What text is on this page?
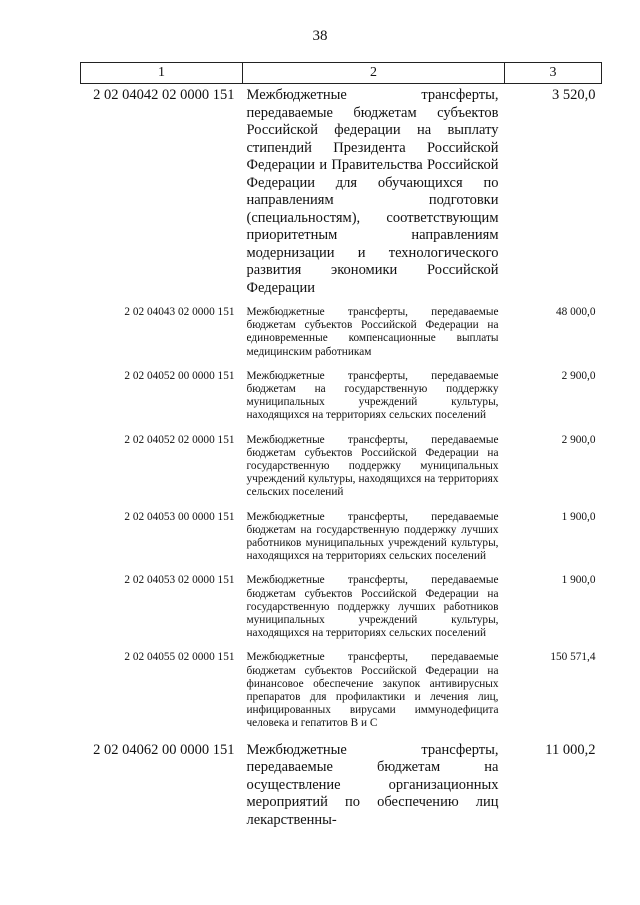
38
1	2	3
2 02 04042 02 0000 151	Межбюджетные трансферты, передаваемые бюджетам субъектов Российской федерации на выплату стипендий Президента Российской Федерации и Правительства Российской Федерации для обучающихся по направлениям подготовки (специальностям), соответствующим приоритетным направлениям модернизации и технологического развития экономики Российской Федерации	3 520,0
2 02 04043 02 0000 151	Межбюджетные трансферты, передаваемые бюджетам субъектов Российской Федерации на единовременные компенсационные выплаты медицинским работникам	48 000,0
2 02 04052 00 0000 151	Межбюджетные трансферты, передаваемые бюджетам на государственную поддержку муниципальных учреждений культуры, находящихся на территориях сельских поселений	2 900,0
2 02 04052 02 0000 151	Межбюджетные трансферты, передаваемые бюджетам субъектов Российской Федерации на государственную поддержку муниципальных учреждений культуры, находящихся на территориях сельских поселений	2 900,0
2 02 04053 00 0000 151	Межбюджетные трансферты, передаваемые бюджетам на государственную поддержку лучших работников муниципальных учреждений культуры, находящихся на территориях сельских поселений	1 900,0
2 02 04053 02 0000 151	Межбюджетные трансферты, передаваемые бюджетам субъектов Российской Федерации на государственную поддержку лучших работников муниципальных учреждений культуры, находящихся на территориях сельских поселений	1 900,0
2 02 04055 02 0000 151	Межбюджетные трансферты, передаваемые бюджетам субъектов Российской Федерации на финансовое обеспечение закупок антивирусных препаратов для профилактики и лечения лиц, инфицированных вирусами иммунодефицита человека и гепатитов B и C	150 571,4
2 02 04062 00 0000 151	Межбюджетные трансферты, передаваемые бюджетам на осуществление организационных мероприятий по обеспечению лиц лекарственны-	11 000,2
